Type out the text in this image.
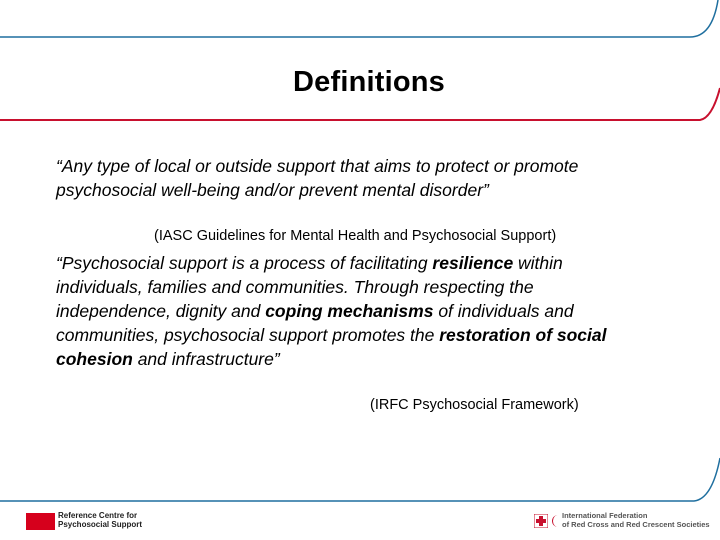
Definitions
“Any type of local or outside support that aims to protect or promote psychosocial well-being and/or prevent mental disorder”
(IASC Guidelines for Mental Health and Psychosocial Support)
“Psychosocial support is a process of facilitating resilience within individuals, families and communities. Through respecting the independence, dignity and coping mechanisms of individuals and communities, psychosocial support promotes the restoration of social cohesion and infrastructure”
(IRFC Psychosocial Framework)
Reference Centre for
Psychosocial Support
International Federation
of Red Cross and Red Crescent Societies
